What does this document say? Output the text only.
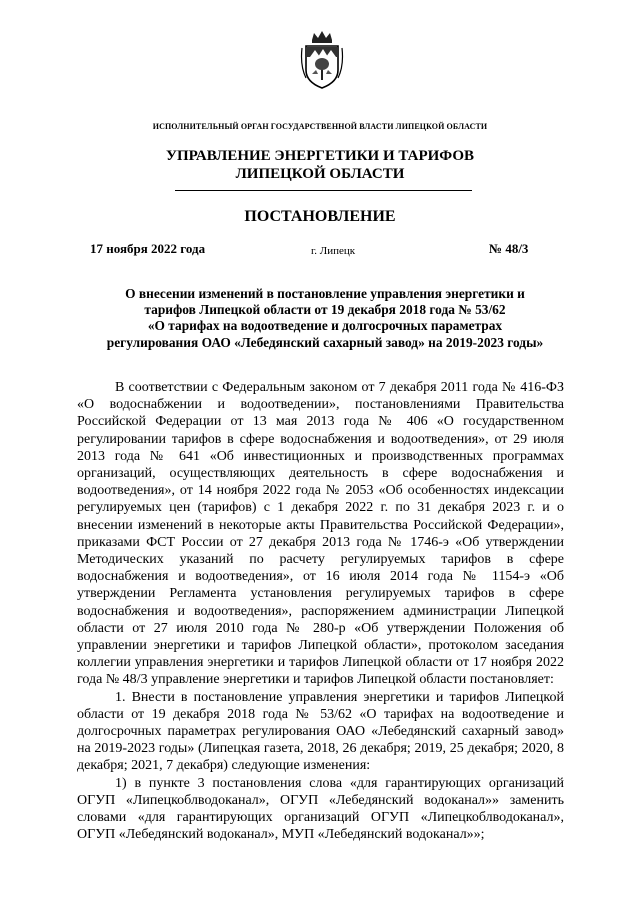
ИСПОЛНИТЕЛЬНЫЙ ОРГАН ГОСУДАРСТВЕННОЙ ВЛАСТИ ЛИПЕЦКОЙ ОБЛАСТИ
УПРАВЛЕНИЕ ЭНЕРГЕТИКИ И ТАРИФОВ
ЛИПЕЦКОЙ ОБЛАСТИ
ПОСТАНОВЛЕНИЕ
17 ноября 2022 года	г. Липецк	№ 48/3
О внесении изменений в постановление управления энергетики и
тарифов Липецкой области от 19 декабря 2018 года № 53/62
«О тарифах на водоотведение и долгосрочных параметрах
регулирования ОАО «Лебедянский сахарный завод» на 2019-2023 годы»

В соответствии с Федеральным законом от 7 декабря 2011 года № 416-ФЗ «О водоснабжении и водоотведении», постановлениями Правительства Российской Федерации от 13 мая 2013 года № 406 «О государственном регулировании тарифов в сфере водоснабжения и водоотведения», от 29 июля 2013 года № 641 «Об инвестиционных и производственных программах организаций, осуществляющих деятельность в сфере водоснабжения и водоотведения», от 14 ноября 2022 года № 2053 «Об особенностях индексации регулируемых цен (тарифов) с 1 декабря 2022 г. по 31 декабря 2023 г. и о внесении изменений в некоторые акты Правительства Российской Федерации», приказами ФСТ России от 27 декабря 2013 года № 1746-э «Об утверждении Методических указаний по расчету регулируемых тарифов в сфере водоснабжения и водоотведения», от 16 июля 2014 года № 1154-э «Об утверждении Регламента установления регулируемых тарифов в сфере водоснабжения и водоотведения», распоряжением администрации Липецкой области от 27 июля 2010 года № 280-р «Об утверждении Положения об управлении энергетики и тарифов Липецкой области», протоколом заседания коллегии управления энергетики и тарифов Липецкой области от 17 ноября 2022 года № 48/3 управление энергетики и тарифов Липецкой области постановляет:

1. Внести в постановление управления энергетики и тарифов Липецкой области от 19 декабря 2018 года № 53/62 «О тарифах на водоотведение и долгосрочных параметрах регулирования ОАО «Лебедянский сахарный завод» на 2019-2023 годы» (Липецкая газета, 2018, 26 декабря; 2019, 25 декабря; 2020, 8 декабря; 2021, 7 декабря) следующие изменения:

1) в пункте 3 постановления слова «для гарантирующих организаций ОГУП «Липецкоблводоканал», ОГУП «Лебедянский водоканал»» заменить словами «для гарантирующих организаций ОГУП «Липецкоблводоканал», ОГУП «Лебедянский водоканал», МУП «Лебедянский водоканал»»;
